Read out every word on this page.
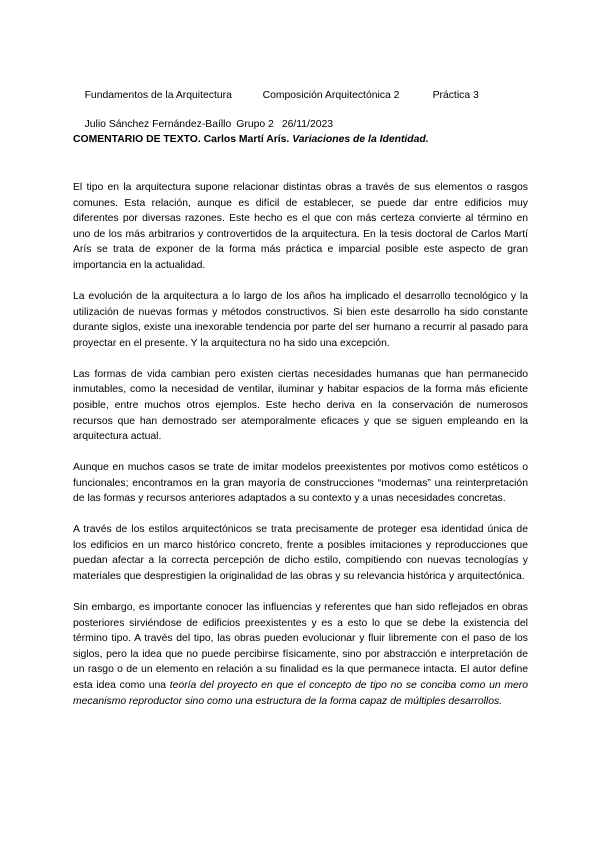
Fundamentos de la Arquitectura	Composición Arquitectónica 2	Práctica 3

Julio Sánchez Fernández-Baíllo Grupo 2 26/11/2023

COMENTARIO DE TEXTO. Carlos Martí Arís. Variaciones de la Identidad.

El tipo en la arquitectura supone relacionar distintas obras a través de sus elementos o rasgos comunes. Esta relación, aunque es difícil de establecer, se puede dar entre edificios muy diferentes por diversas razones. Este hecho es el que con más certeza convierte al término en uno de los más arbitrarios y controvertidos de la arquitectura. En la tesis doctoral de Carlos Martí Arís se trata de exponer de la forma más práctica e imparcial posible este aspecto de gran importancia en la actualidad.

La evolución de la arquitectura a lo largo de los años ha implicado el desarrollo tecnológico y la utilización de nuevas formas y métodos constructivos. Si bien este desarrollo ha sido constante durante siglos, existe una inexorable tendencia por parte del ser humano a recurrir al pasado para proyectar en el presente. Y la arquitectura no ha sido una excepción.

Las formas de vida cambian pero existen ciertas necesidades humanas que han permanecido inmutables, como la necesidad de ventilar, iluminar y habitar espacios de la forma más eficiente posible, entre muchos otros ejemplos. Este hecho deriva en la conservación de numerosos recursos que han demostrado ser atemporalmente eficaces y que se siguen empleando en la arquitectura actual.

Aunque en muchos casos se trate de imitar modelos preexistentes por motivos como estéticos o funcionales; encontramos en la gran mayoría de construcciones “modernas” una reinterpretación de las formas y recursos anteriores adaptados a su contexto y a unas necesidades concretas.

A través de los estilos arquitectónicos se trata precisamente de proteger esa identidad única de los edificios en un marco histórico concreto, frente a posibles imitaciones y reproducciones que puedan afectar a la correcta percepción de dicho estilo, compitiendo con nuevas tecnologías y materiales que desprestigien la originalidad de las obras y su relevancia histórica y arquitectónica.

Sin embargo, es importante conocer las influencias y referentes que han sido reflejados en obras posteriores sirviéndose de edificios preexistentes y es a esto lo que se debe la existencia del término tipo. A través del tipo, las obras pueden evolucionar y fluir libremente con el paso de los siglos, pero la idea que no puede percibirse físicamente, sino por abstracción e interpretación de un rasgo o de un elemento en relación a su finalidad es la que permanece intacta. El autor define esta idea como una teoría del proyecto en que el concepto de tipo no se conciba como un mero mecanismo reproductor sino como una estructura de la forma capaz de múltiples desarrollos.
